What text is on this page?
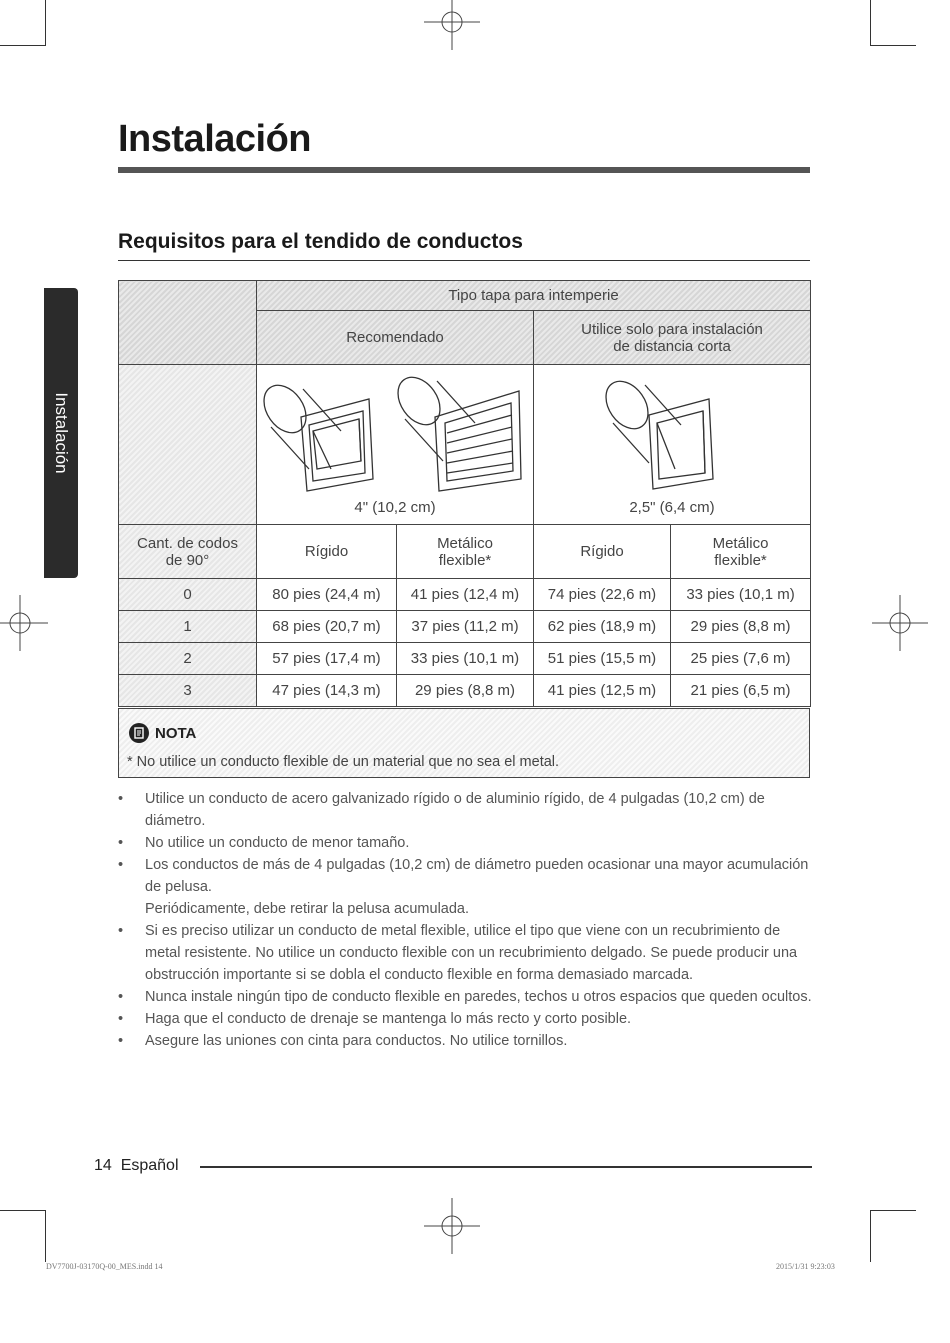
Instalación
Instalación
Requisitos para el tendido de conductos
	Tipo tapa para intemperie			
	Recomendado		Utilice solo para instalación de distancia corta	

	4" (10,2 cm)		2,5" (6,4 cm)	

Cant. de codos de 90°	Rígido	Metálico flexible*	Rígido	Metálico flexible*
0	80 pies (24,4 m)	41 pies (12,4 m)	74 pies (22,6 m)	33 pies (10,1 m)
1	68 pies (20,7 m)	37 pies (11,2 m)	62 pies (18,9 m)	29 pies (8,8 m)
2	57 pies (17,4 m)	33 pies (10,1 m)	51 pies (15,5 m)	25 pies (7,6 m)
3	47 pies (14,3 m)	29 pies (8,8 m)	41 pies (12,5 m)	21 pies (6,5 m)
NOTA
* No utilice un conducto flexible de un material que no sea el metal.
• Utilice un conducto de acero galvanizado rígido o de aluminio rígido, de 4 pulgadas (10,2 cm) de diámetro.
• No utilice un conducto de menor tamaño.
• Los conductos de más de 4 pulgadas (10,2 cm) de diámetro pueden ocasionar una mayor acumulación de pelusa.
Periódicamente, debe retirar la pelusa acumulada.
• Si es preciso utilizar un conducto de metal flexible, utilice el tipo que viene con un recubrimiento de metal resistente. No utilice un conducto flexible con un recubrimiento delgado. Se puede producir una obstrucción importante si se dobla el conducto flexible en forma demasiado marcada.
• Nunca instale ningún tipo de conducto flexible en paredes, techos u otros espacios que queden ocultos.
• Haga que el conducto de drenaje se mantenga lo más recto y corto posible.
• Asegure las uniones con cinta para conductos. No utilice tornillos.
14 Español
DV7700J-03170Q-00_MES.indd 14	2015/1/31 9:23:03
